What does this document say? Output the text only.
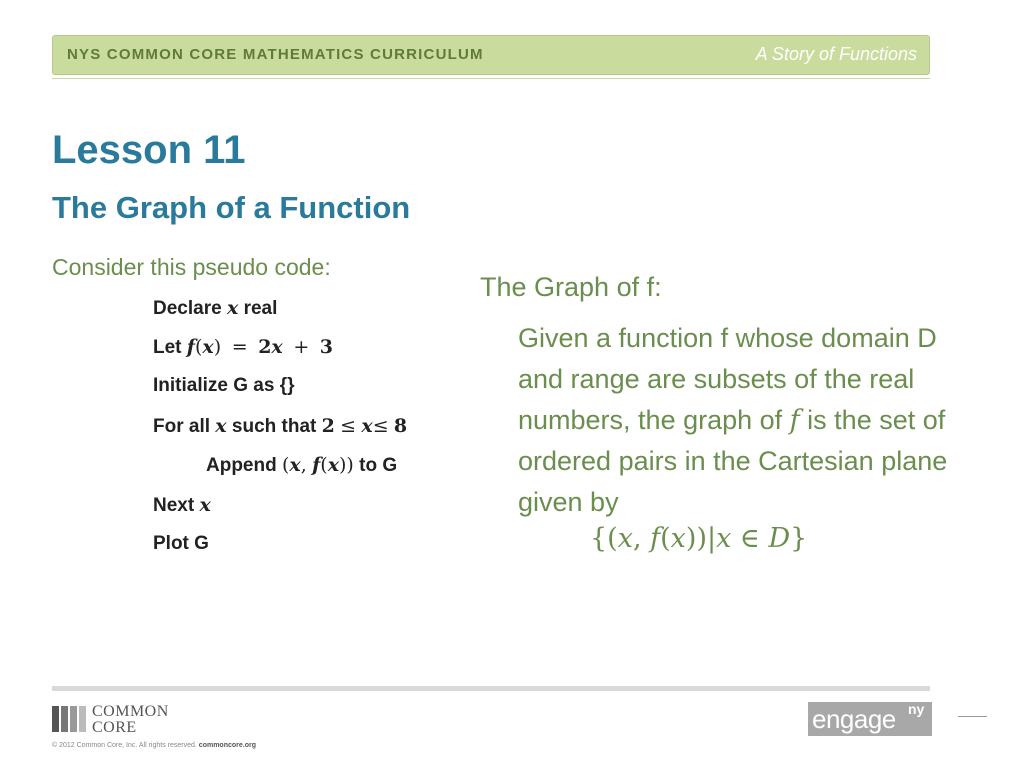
NYS COMMON CORE MATHEMATICS CURRICULUM	A Story of Functions
Lesson 11
The Graph of a Function
Consider this pseudo code:
Declare x real
Let f(x) = 2x + 3
Initialize G as {}
For all x such that 2 ≤ x≤ 8
Append (x, f(x)) to G
Next x
Plot G
The Graph of f:
Given a function f whose domain D and range are subsets of the real numbers, the graph of f is the set of ordered pairs in the Cartesian plane given by
{(x, f(x))|x ∈ D}
COMMON
CORE
© 2012 Common Core, Inc. All rights reserved. commoncore.org
engage ny
